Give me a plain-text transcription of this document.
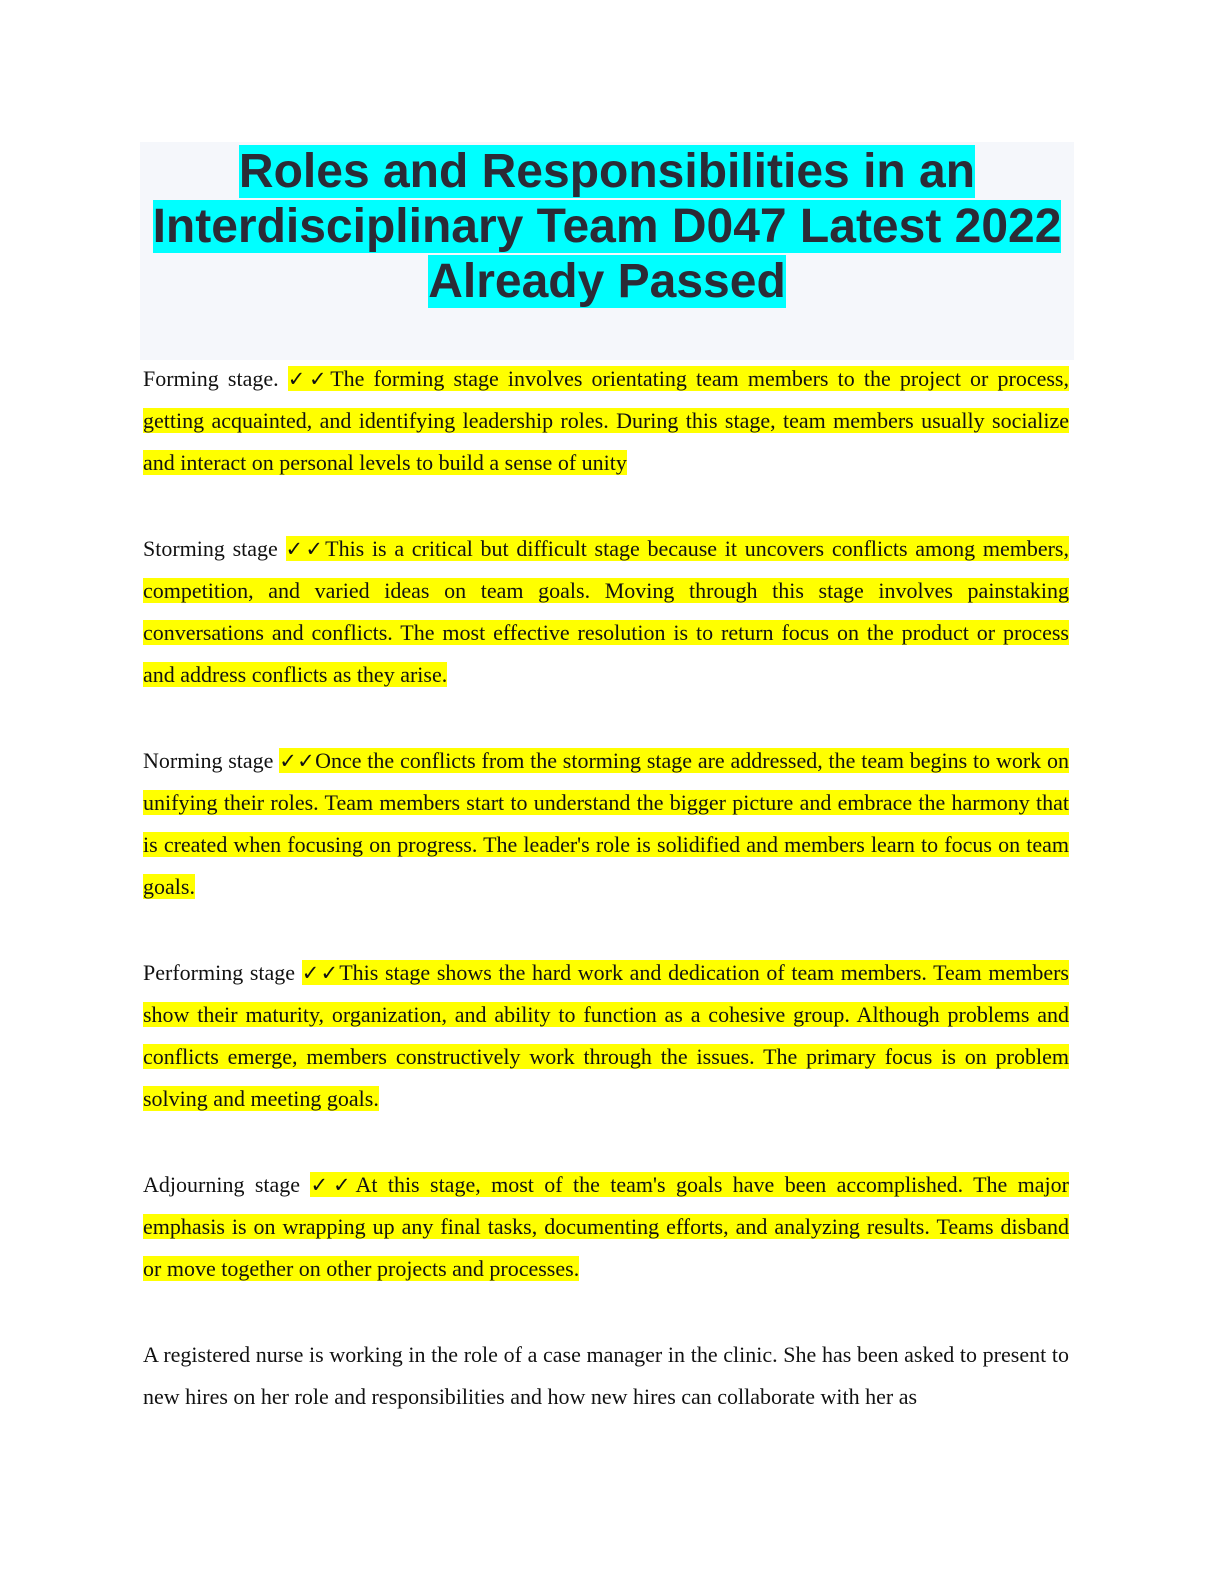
Roles and Responsibilities in an
Interdisciplinary Team D047 Latest 2022
Already Passed

Forming stage. ✓✓The forming stage involves orientating team members to the project or process, getting acquainted, and identifying leadership roles. During this stage, team members usually socialize and interact on personal levels to build a sense of unity

Storming stage ✓✓This is a critical but difficult stage because it uncovers conflicts among members, competition, and varied ideas on team goals. Moving through this stage involves painstaking conversations and conflicts. The most effective resolution is to return focus on the product or process and address conflicts as they arise.

Norming stage ✓✓Once the conflicts from the storming stage are addressed, the team begins to work on unifying their roles. Team members start to understand the bigger picture and embrace the harmony that is created when focusing on progress. The leader's role is solidified and members learn to focus on team goals.

Performing stage ✓✓This stage shows the hard work and dedication of team members. Team members show their maturity, organization, and ability to function as a cohesive group. Although problems and conflicts emerge, members constructively work through the issues. The primary focus is on problem solving and meeting goals.

Adjourning stage ✓✓At this stage, most of the team's goals have been accomplished. The major emphasis is on wrapping up any final tasks, documenting efforts, and analyzing results. Teams disband or move together on other projects and processes.

A registered nurse is working in the role of a case manager in the clinic. She has been asked to present to new hires on her role and responsibilities and how new hires can collaborate with her as
